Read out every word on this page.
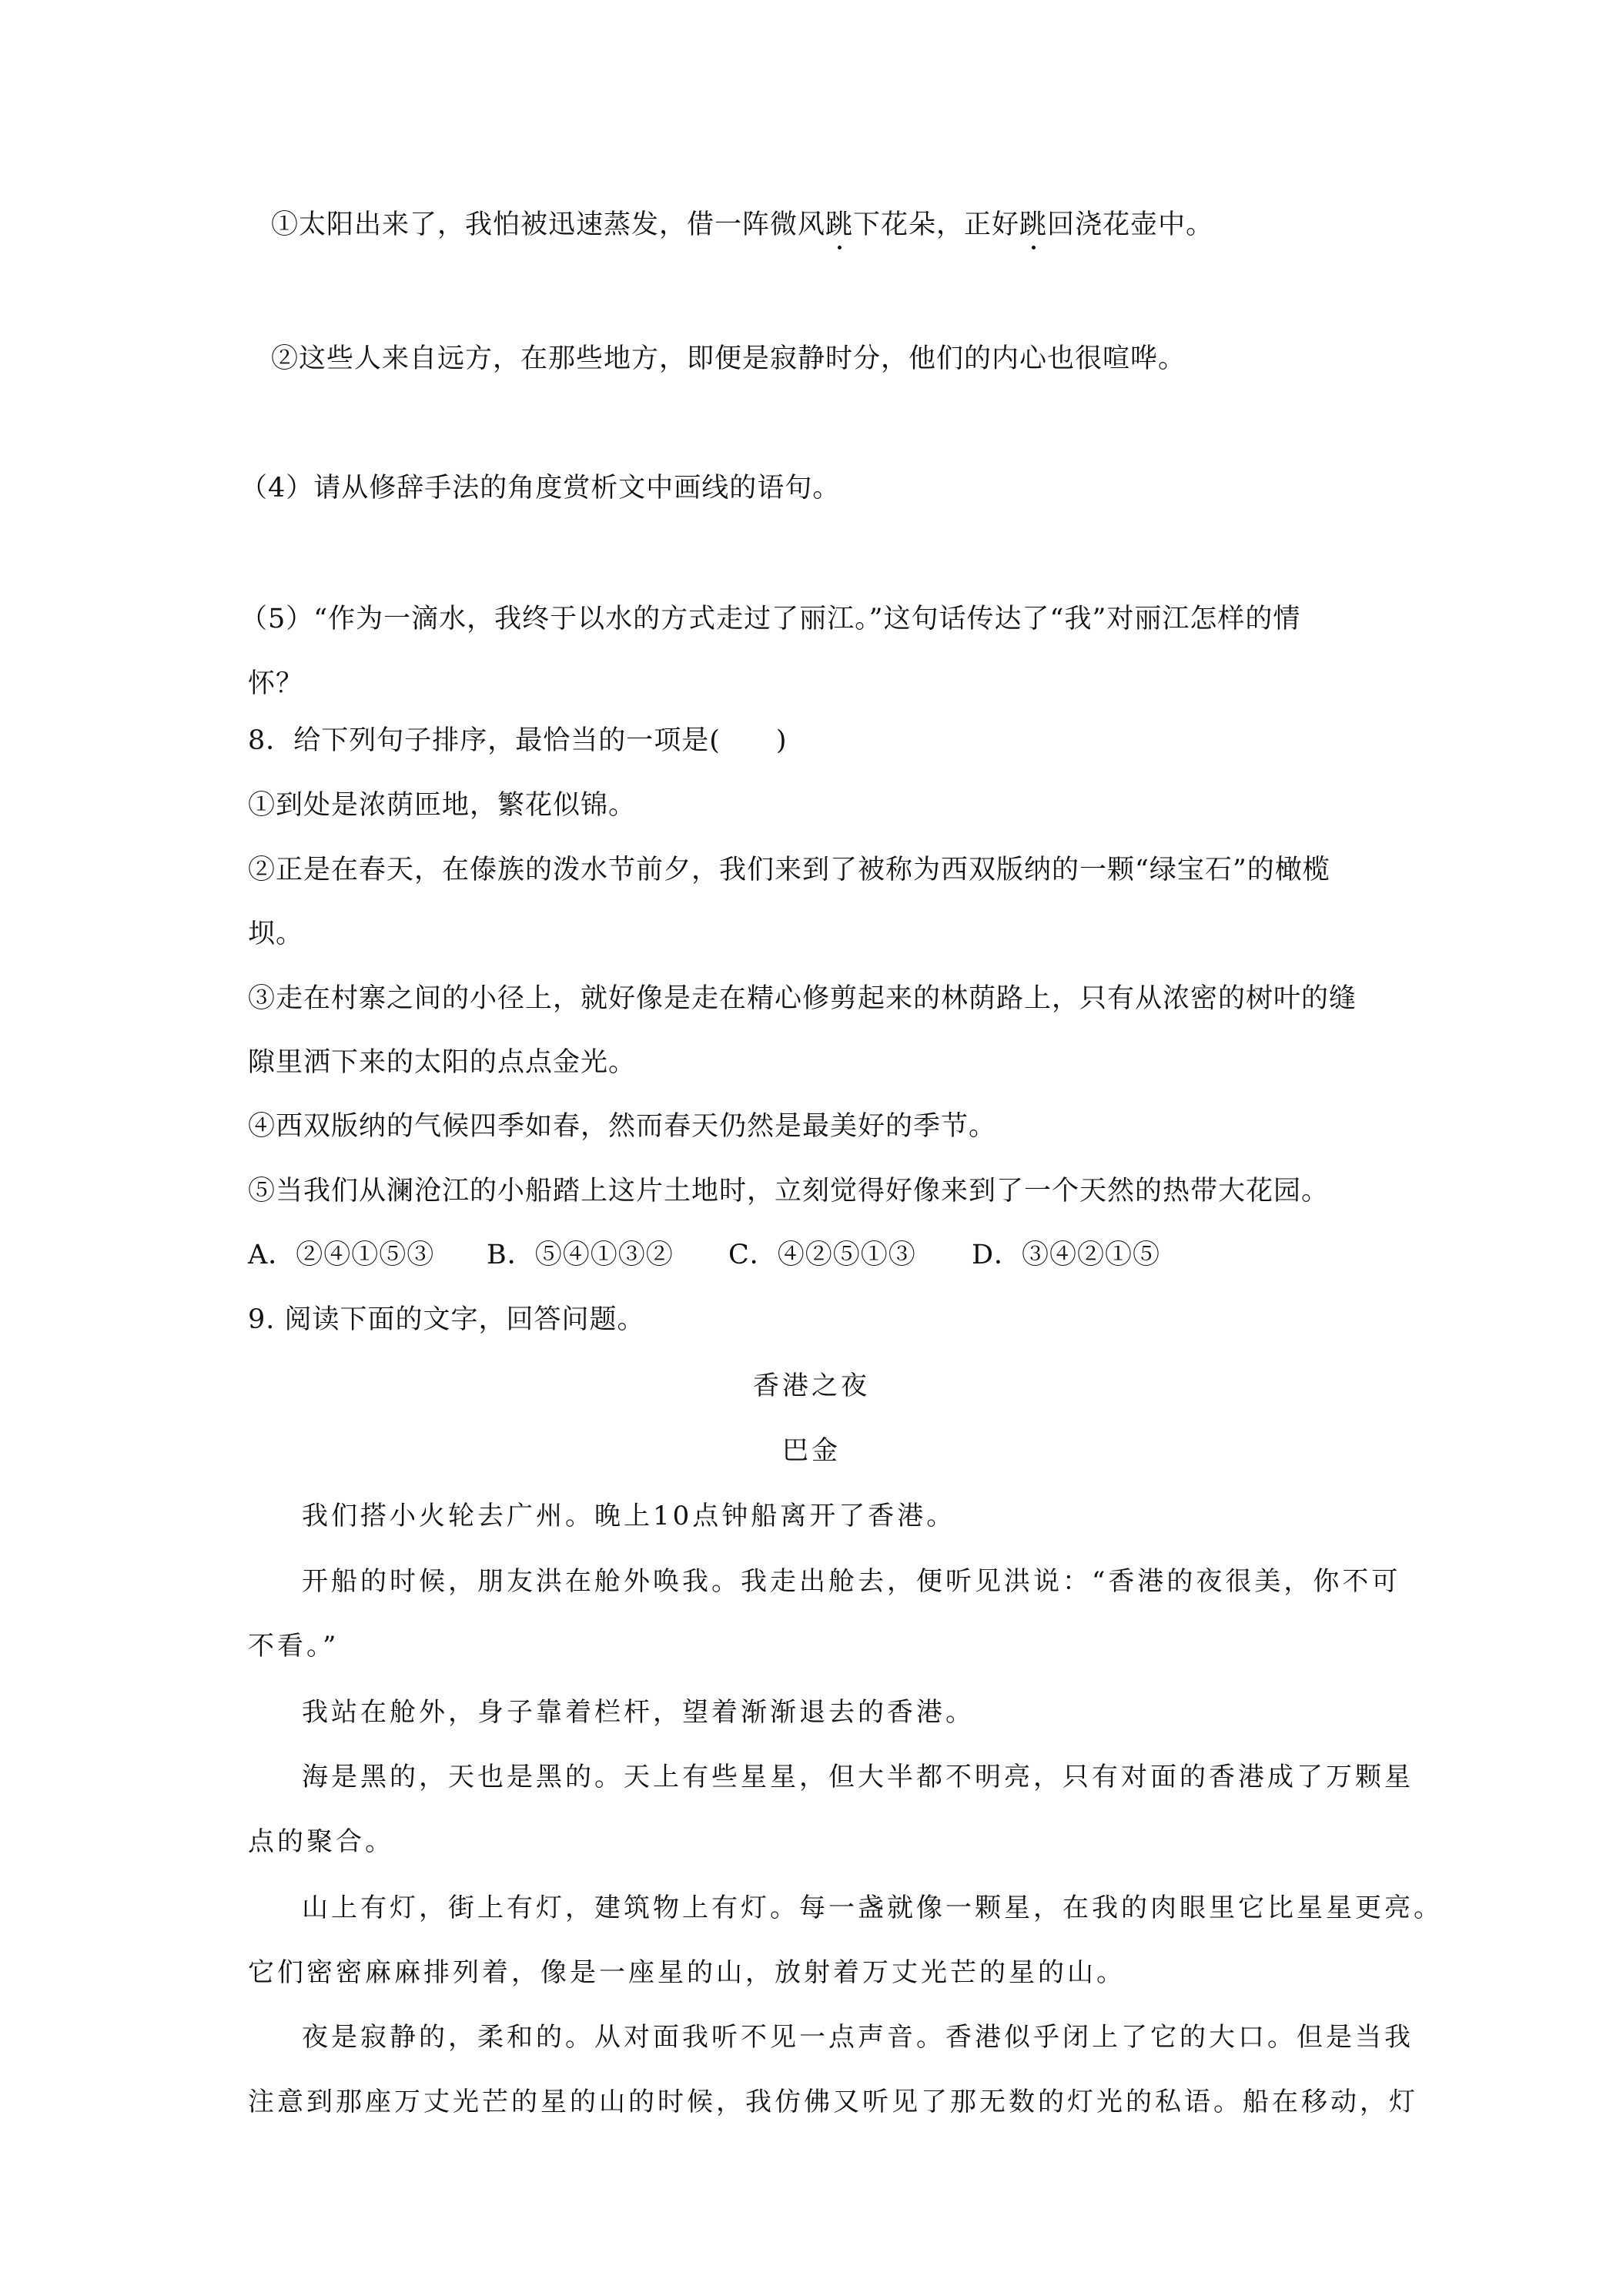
①太阳出来了，我怕被迅速蒸发，借一阵微风跳下花朵，正好跳回浇花壶中。
②这些人来自远方，在那些地方，即便是寂静时分，他们的内心也很喧哗。
（4）请从修辞手法的角度赏析文中画线的语句。
（5）“作为一滴水，我终于以水的方式走过了丽江。”这句话传达了“我”对丽江怎样的情
怀？
8．给下列句子排序，最恰当的一项是(　　)
①到处是浓荫匝地，繁花似锦。
②正是在春天，在傣族的泼水节前夕，我们来到了被称为西双版纳的一颗“绿宝石”的橄榄
坝。
③走在村寨之间的小径上，就好像是走在精心修剪起来的林荫路上，只有从浓密的树叶的缝
隙里洒下来的太阳的点点金光。
④西双版纳的气候四季如春，然而春天仍然是最美好的季节。
⑤当我们从澜沧江的小船踏上这片土地时，立刻觉得好像来到了一个天然的热带大花园。
A．②④①⑤③ B．⑤④①③② C．④②⑤①③ D．③④②①⑤
9. 阅读下面的文字，回答问题。
香港之夜
巴金
我们搭小火轮去广州。晚上10点钟船离开了香港。
开船的时候，朋友洪在舱外唤我。我走出舱去，便听见洪说：“香港的夜很美，你不可
不看。”
我站在舱外，身子靠着栏杆，望着渐渐退去的香港。
海是黑的，天也是黑的。天上有些星星，但大半都不明亮，只有对面的香港成了万颗星
点的聚合。
山上有灯，街上有灯，建筑物上有灯。每一盏就像一颗星，在我的肉眼里它比星星更亮。
它们密密麻麻排列着，像是一座星的山，放射着万丈光芒的星的山。
夜是寂静的，柔和的。从对面我听不见一点声音。香港似乎闭上了它的大口。但是当我
注意到那座万丈光芒的星的山的时候，我仿佛又听见了那无数的灯光的私语。船在移动，灯
